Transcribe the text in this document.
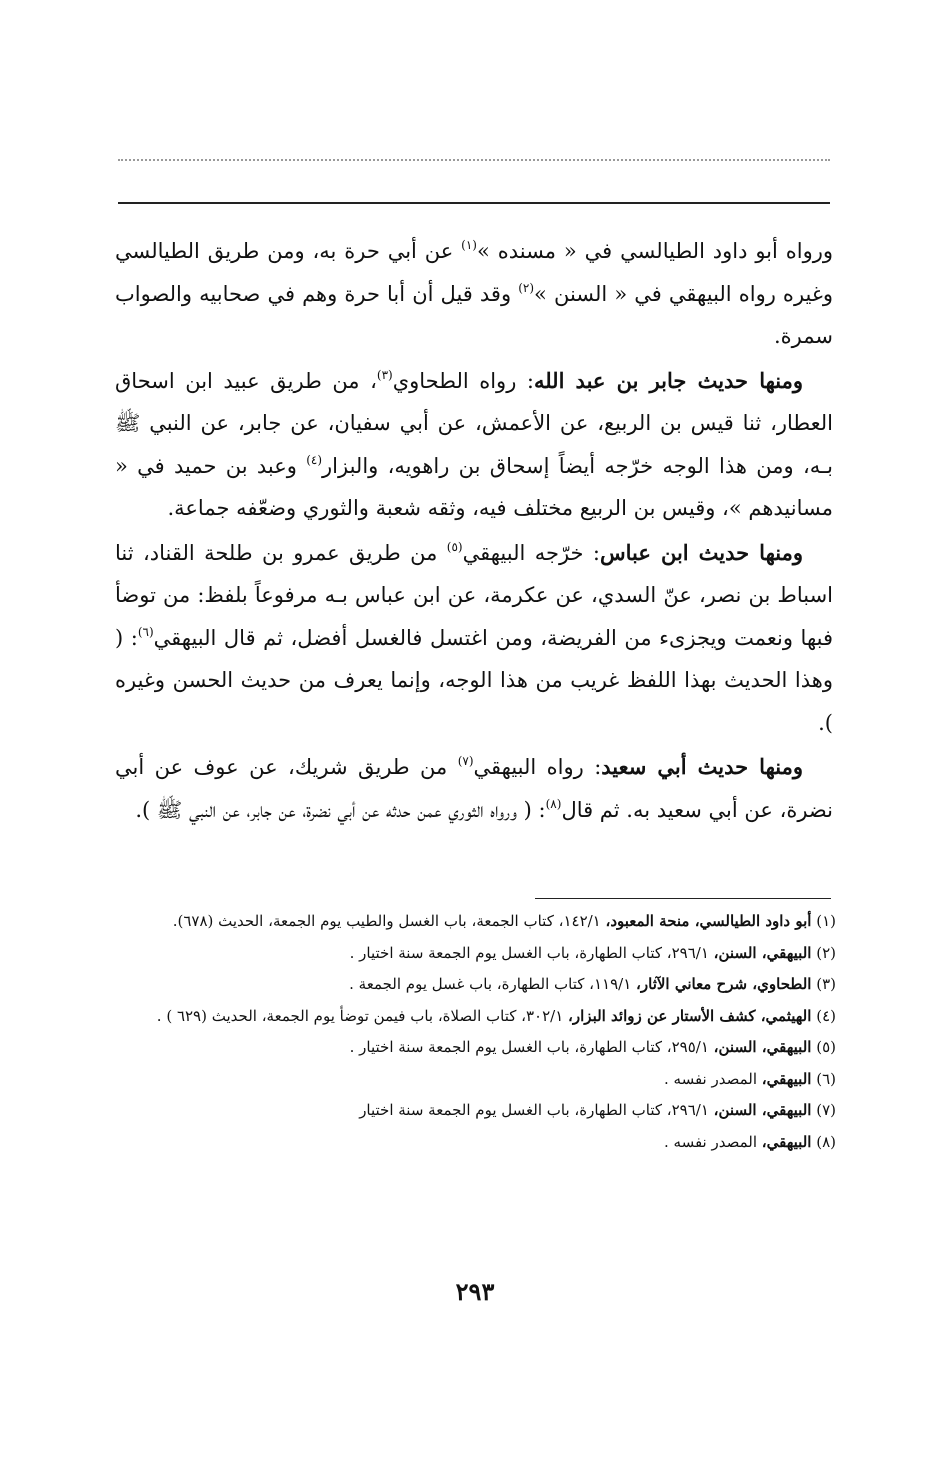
ورواه أبو داود الطيالسي في « مسنده »$^{(١)}$ عن أبي حرة به، ومن طريق الطيالسي وغيره رواه البيهقي في « السنن »$^{(٢)}$ وقد قيل أن أبا حرة وهم في صحابيه والصواب سمرة.

ومنها حديث جابر بن عبد الله: رواه الطحاوي$^{(٣)}$، من طريق عبيد ابن اسحاق العطار، ثنا قيس بن الربيع، عن الأعمش، عن أبي سفيان، عن جابر، عن النبي ﷺ بـه، ومن هذا الوجه خرّجه أيضاً إسحاق بن راهويه، والبزار$^{(٤)}$ وعبد بن حميد في « مسانيدهم »، وقيس بن الربيع مختلف فيه، وثقه شعبة والثوري وضعّفه جماعة.

ومنها حديث ابن عباس: خرّجه البيهقي$^{(٥)}$ من طريق عمرو بن طلحة القناد، ثنا اسباط بن نصر، عنّ السدي، عن عكرمة، عن ابن عباس بـه مرفوعاً بلفظ: من توضأ فبها ونعمت ويجزىء من الفريضة، ومن اغتسل فالغسل أفضل، ثم قال البيهقي$^{(٦)}$: ( وهذا الحديث بهذا اللفظ غريب من هذا الوجه، وإنما يعرف من حديث الحسن وغيره ).

ومنها حديث أبي سعيد: رواه البيهقي$^{(٧)}$ من طريق شريك، عن عوف عن أبي نضرة، عن أبي سعيد به. ثم قال$^{(٨)}$: ( ورواه الثوري عمن حدثه عن أبي نضرة، عن جابر، عن النبي ﷺ ).

(١) أبو داود الطيالسي، منحة المعبود، ١٤٢/١، كتاب الجمعة، باب الغسل والطيب يوم الجمعة، الحديث (٦٧٨).

(٢) البيهقي، السنن، ٢٩٦/١، كتاب الطهارة، باب الغسل يوم الجمعة سنة اختيار .

(٣) الطحاوي، شرح معاني الآثار، ١١٩/١، كتاب الطهارة، باب غسل يوم الجمعة .

(٤) الهيثمي، كشف الأستار عن زوائد البزار، ٣٠٢/١، كتاب الصلاة، باب فيمن توضأ يوم الجمعة، الحديث (٦٢٩ ) .

(٥) البيهقي، السنن، ٢٩٥/١، كتاب الطهارة، باب الغسل يوم الجمعة سنة اختيار .

(٦) البيهقي، المصدر نفسه .

(٧) البيهقي، السنن، ٢٩٦/١، كتاب الطهارة، باب الغسل يوم الجمعة سنة اختيار

(٨) البيهقي، المصدر نفسه .

٢٩٣
